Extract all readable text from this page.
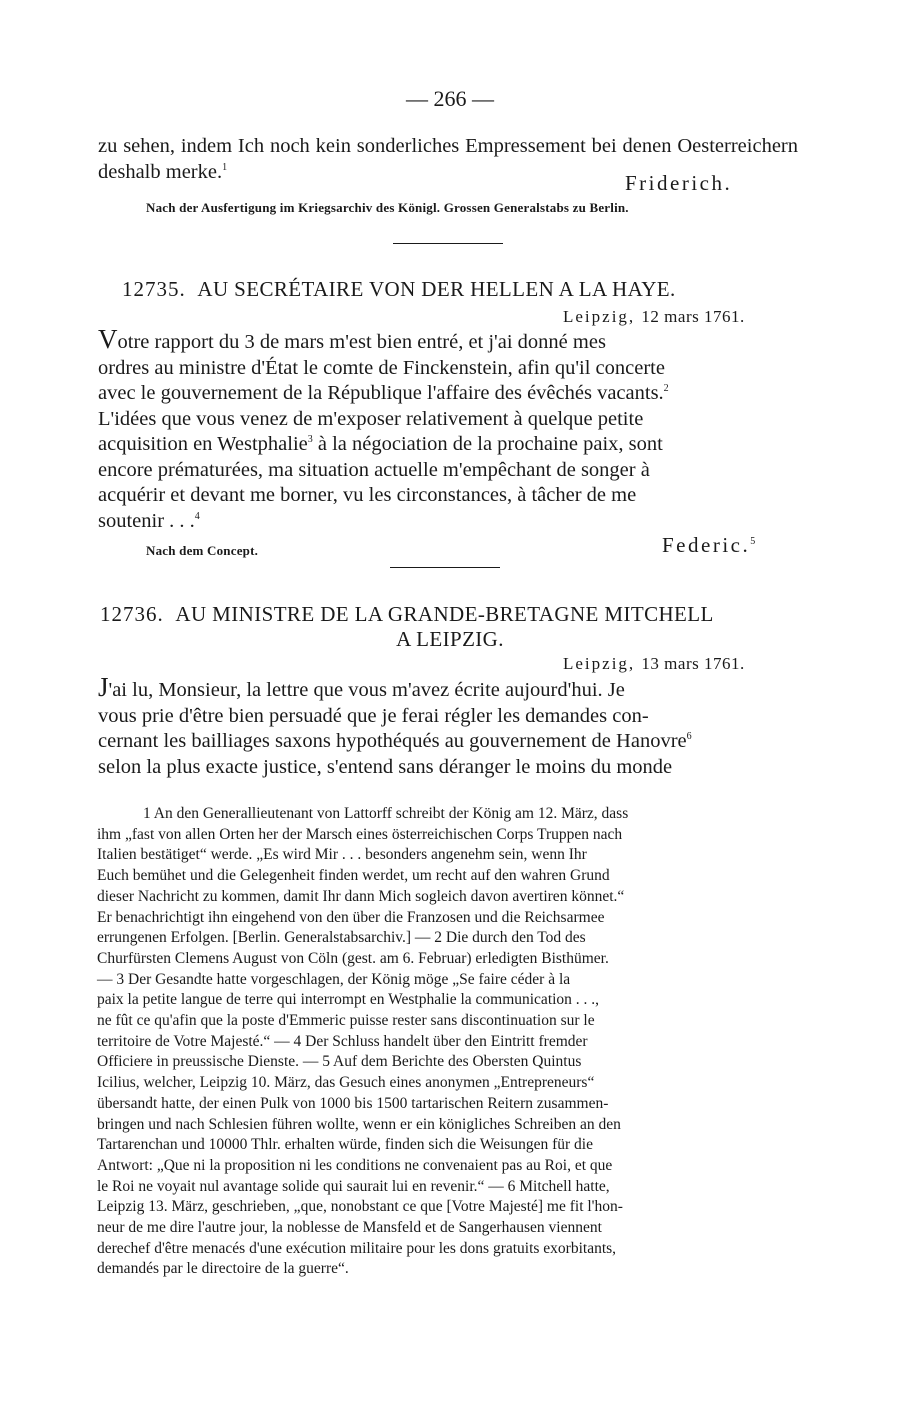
— 266 —
zu sehen, indem Ich noch kein sonderliches Empressement bei denen Oesterreichern deshalb merke.$^1$
Friderich.
Nach der Ausfertigung im Kriegsarchiv des Königl. Grossen Generalstabs zu Berlin.
12735. AU SECRÉTAIRE VON DER HELLEN A LA HAYE.
Leipzig, 12 mars 1761.
Votre rapport du 3 de mars m'est bien entré, et j'ai donné mes
ordres au ministre d'État le comte de Finckenstein, afin qu'il concerte
avec le gouvernement de la République l'affaire des évêchés vacants.$^2$
L'idées que vous venez de m'exposer relativement à quelque petite
acquisition en Westphalie$^3$ à la négociation de la prochaine paix, sont
encore prématurées, ma situation actuelle m'empêchant de songer à
acquérir et devant me borner, vu les circonstances, à tâcher de me
soutenir . . .$^4$
Nach dem Concept.	Federic.$^5$
12736. AU MINISTRE DE LA GRANDE-BRETAGNE MITCHELL
A LEIPZIG.
Leipzig, 13 mars 1761.
J'ai lu, Monsieur, la lettre que vous m'avez écrite aujourd'hui. Je
vous prie d'être bien persuadé que je ferai régler les demandes con-
cernant les bailliages saxons hypothéqués au gouvernement de Hanovre$^6$
selon la plus exacte justice, s'entend sans déranger le moins du monde

1 An den Generallieutenant von Lattorff schreibt der König am 12. März, dass

ihm „fast von allen Orten her der Marsch eines österreichischen Corps Truppen nach

Italien bestätiget“ werde. „Es wird Mir . . . besonders angenehm sein, wenn Ihr

Euch bemühet und die Gelegenheit finden werdet, um recht auf den wahren Grund

dieser Nachricht zu kommen, damit Ihr dann Mich sogleich davon avertiren könnet.“

Er benachrichtigt ihn eingehend von den über die Franzosen und die Reichsarmee

errungenen Erfolgen. [Berlin. Generalstabsarchiv.] — 2 Die durch den Tod des

Churfürsten Clemens August von Cöln (gest. am 6. Februar) erledigten Bisthümer.

— 3 Der Gesandte hatte vorgeschlagen, der König möge „Se faire céder à la

paix la petite langue de terre qui interrompt en Westphalie la communication . . .,

ne fût ce qu'afin que la poste d'Emmeric puisse rester sans discontinuation sur le

territoire de Votre Majesté.“ — 4 Der Schluss handelt über den Eintritt fremder

Officiere in preussische Dienste. — 5 Auf dem Berichte des Obersten Quintus

Icilius, welcher, Leipzig 10. März, das Gesuch eines anonymen „Entrepreneurs“

übersandt hatte, der einen Pulk von 1000 bis 1500 tartarischen Reitern zusammen-

bringen und nach Schlesien führen wollte, wenn er ein königliches Schreiben an den

Tartarenchan und 10000 Thlr. erhalten würde, finden sich die Weisungen für die

Antwort: „Que ni la proposition ni les conditions ne convenaient pas au Roi, et que

le Roi ne voyait nul avantage solide qui saurait lui en revenir.“ — 6 Mitchell hatte,

Leipzig 13. März, geschrieben, „que, nonobstant ce que [Votre Majesté] me fit l'hon-

neur de me dire l'autre jour, la noblesse de Mansfeld et de Sangerhausen viennent

derechef d'être menacés d'une exécution militaire pour les dons gratuits exorbitants,

demandés par le directoire de la guerre“.
